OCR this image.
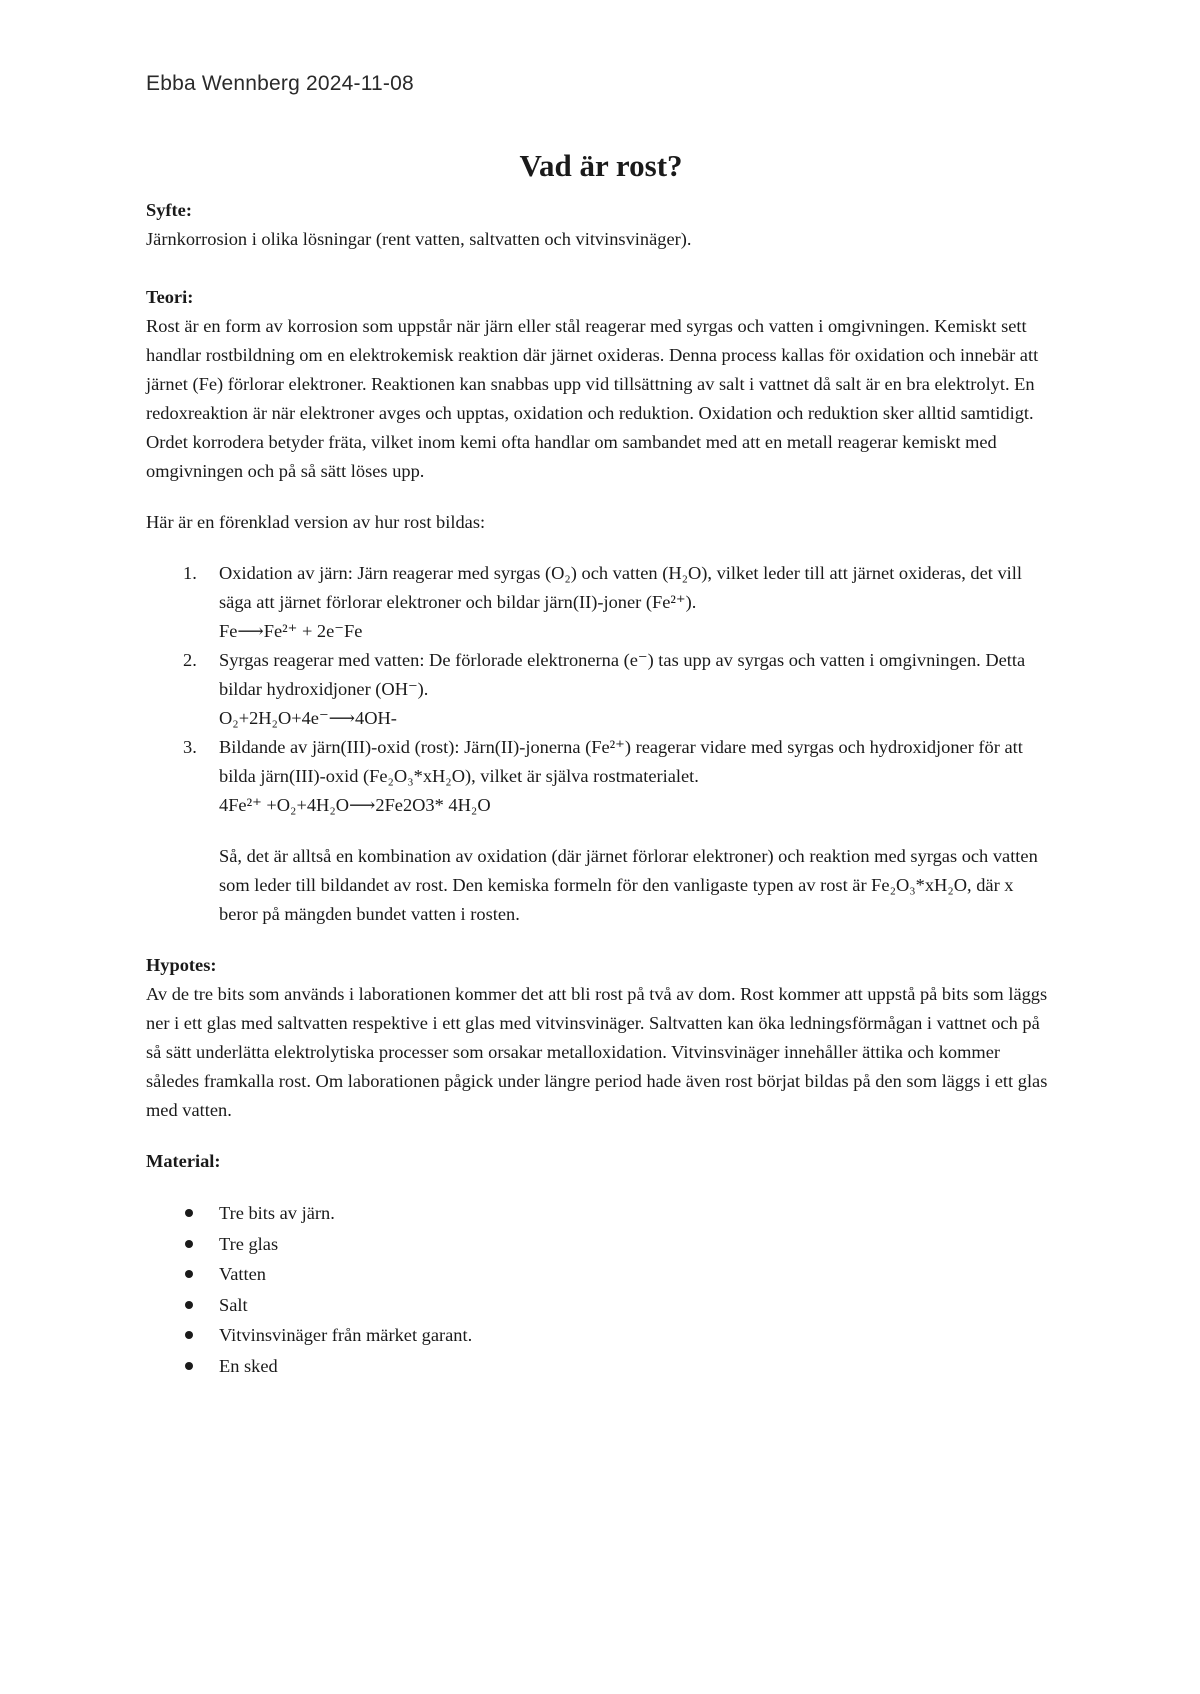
Ebba Wennberg 2024-11-08
Vad är rost?

Syfte:

Järnkorrosion i olika lösningar (rent vatten, saltvatten och vitvinsvinäger).

Teori:

Rost är en form av korrosion som uppstår när järn eller stål reagerar med syrgas och vatten i omgivningen. Kemiskt sett handlar rostbildning om en elektrokemisk reaktion där järnet oxideras. Denna process kallas för oxidation och innebär att järnet (Fe) förlorar elektroner. Reaktionen kan snabbas upp vid tillsättning av salt i vattnet då salt är en bra elektrolyt. En redoxreaktion är när elektroner avges och upptas, oxidation och reduktion. Oxidation och reduktion sker alltid samtidigt. Ordet korrodera betyder fräta, vilket inom kemi ofta handlar om sambandet med att en metall reagerar kemiskt med omgivningen och på så sätt löses upp.

Här är en förenklad version av hur rost bildas:

1. Oxidation av järn: Järn reagerar med syrgas (O₂) och vatten (H₂O), vilket leder till att järnet oxideras, det vill säga att järnet förlorar elektroner och bildar järn(II)-joner (Fe²⁺).
Fe⟶Fe²⁺ + 2e⁻Fe
2. Syrgas reagerar med vatten: De förlorade elektronerna (e⁻) tas upp av syrgas och vatten i omgivningen. Detta bildar hydroxidjoner (OH⁻).
O₂+2H₂O+4e⁻⟶4OH-
3. Bildande av järn(III)-oxid (rost): Järn(II)-jonerna (Fe²⁺) reagerar vidare med syrgas och hydroxidjoner för att bilda järn(III)-oxid (Fe₂O₃*xH₂O), vilket är själva rostmaterialet.
4Fe²⁺ +O₂+4H₂O⟶2Fe2O3* 4H₂O

Så, det är alltså en kombination av oxidation (där järnet förlorar elektroner) och reaktion med syrgas och vatten som leder till bildandet av rost. Den kemiska formeln för den vanligaste typen av rost är Fe₂O₃*xH₂O, där x beror på mängden bundet vatten i rosten.

Hypotes:

Av de tre bits som används i laborationen kommer det att bli rost på två av dom. Rost kommer att uppstå på bits som läggs ner i ett glas med saltvatten respektive i ett glas med vitvinsvinäger. Saltvatten kan öka ledningsförmågan i vattnet och på så sätt underlätta elektrolytiska processer som orsakar metalloxidation. Vitvinsvinäger innehåller ättika och kommer således framkalla rost. Om laborationen pågick under längre period hade även rost börjat bildas på den som läggs i ett glas med vatten.

Material:

Tre bits av järn.
Tre glas
Vatten
Salt
Vitvinsvinäger från märket garant.
En sked
